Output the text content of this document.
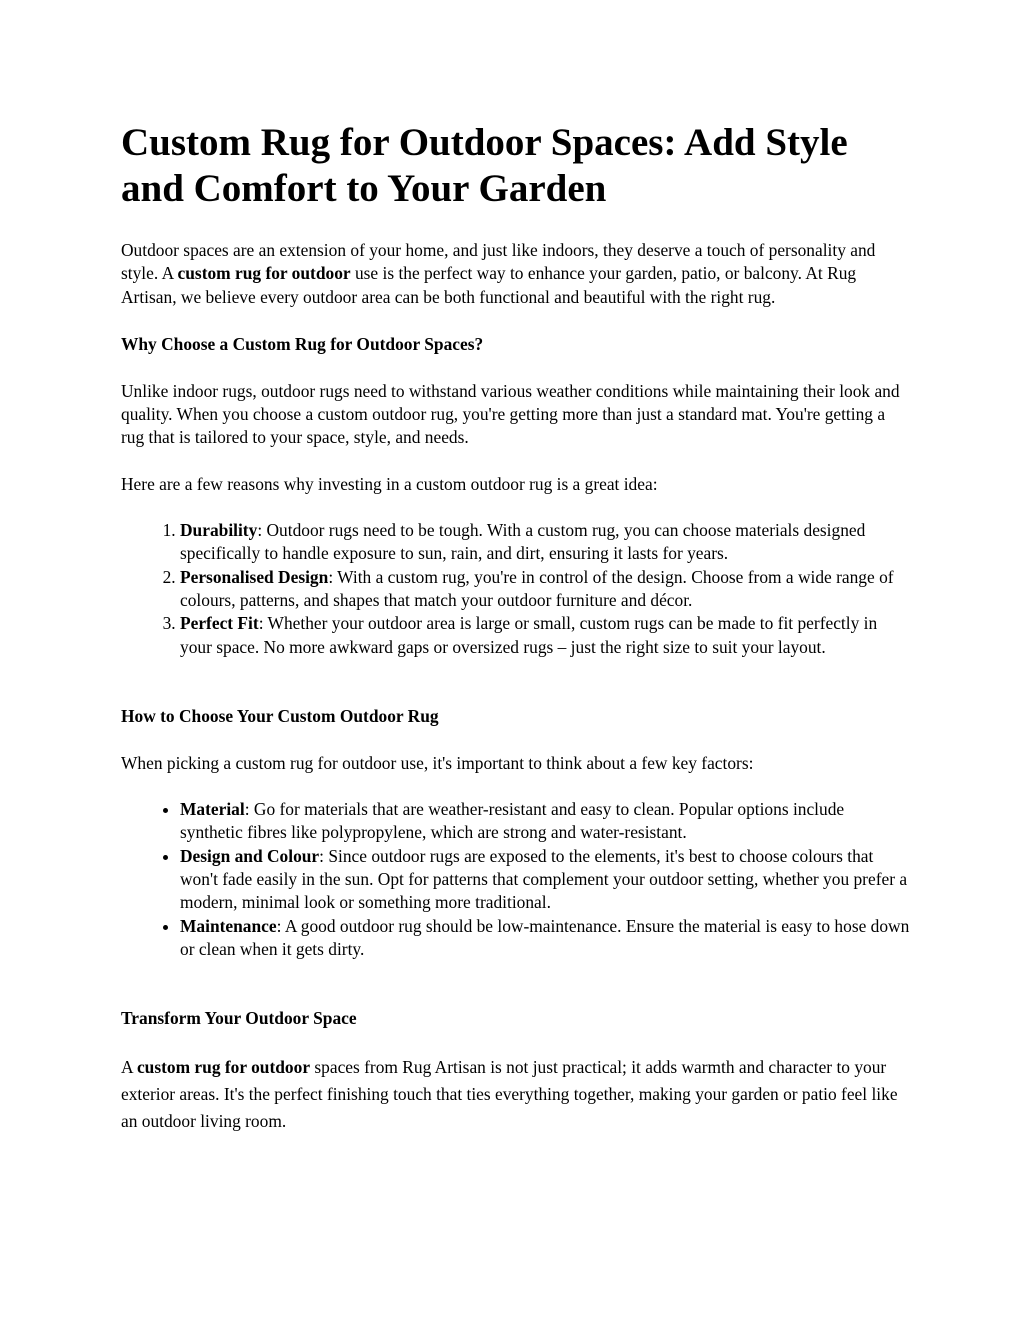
Custom Rug for Outdoor Spaces: Add Style and Comfort to Your Garden

Outdoor spaces are an extension of your home, and just like indoors, they deserve a touch of personality and style. A custom rug for outdoor use is the perfect way to enhance your garden, patio, or balcony. At Rug Artisan, we believe every outdoor area can be both functional and beautiful with the right rug.

Why Choose a Custom Rug for Outdoor Spaces?

Unlike indoor rugs, outdoor rugs need to withstand various weather conditions while maintaining their look and quality. When you choose a custom outdoor rug, you're getting more than just a standard mat. You're getting a rug that is tailored to your space, style, and needs.

Here are a few reasons why investing in a custom outdoor rug is a great idea:

1. Durability: Outdoor rugs need to be tough. With a custom rug, you can choose materials designed specifically to handle exposure to sun, rain, and dirt, ensuring it lasts for years.
2. Personalised Design: With a custom rug, you're in control of the design. Choose from a wide range of colours, patterns, and shapes that match your outdoor furniture and décor.
3. Perfect Fit: Whether your outdoor area is large or small, custom rugs can be made to fit perfectly in your space. No more awkward gaps or oversized rugs – just the right size to suit your layout.
How to Choose Your Custom Outdoor Rug

When picking a custom rug for outdoor use, it's important to think about a few key factors:

• Material: Go for materials that are weather-resistant and easy to clean. Popular options include synthetic fibres like polypropylene, which are strong and water-resistant.
• Design and Colour: Since outdoor rugs are exposed to the elements, it's best to choose colours that won't fade easily in the sun. Opt for patterns that complement your outdoor setting, whether you prefer a modern, minimal look or something more traditional.
• Maintenance: A good outdoor rug should be low-maintenance. Ensure the material is easy to hose down or clean when it gets dirty.
Transform Your Outdoor Space

A custom rug for outdoor spaces from Rug Artisan is not just practical; it adds warmth and character to your exterior areas. It's the perfect finishing touch that ties everything together, making your garden or patio feel like an outdoor living room.
